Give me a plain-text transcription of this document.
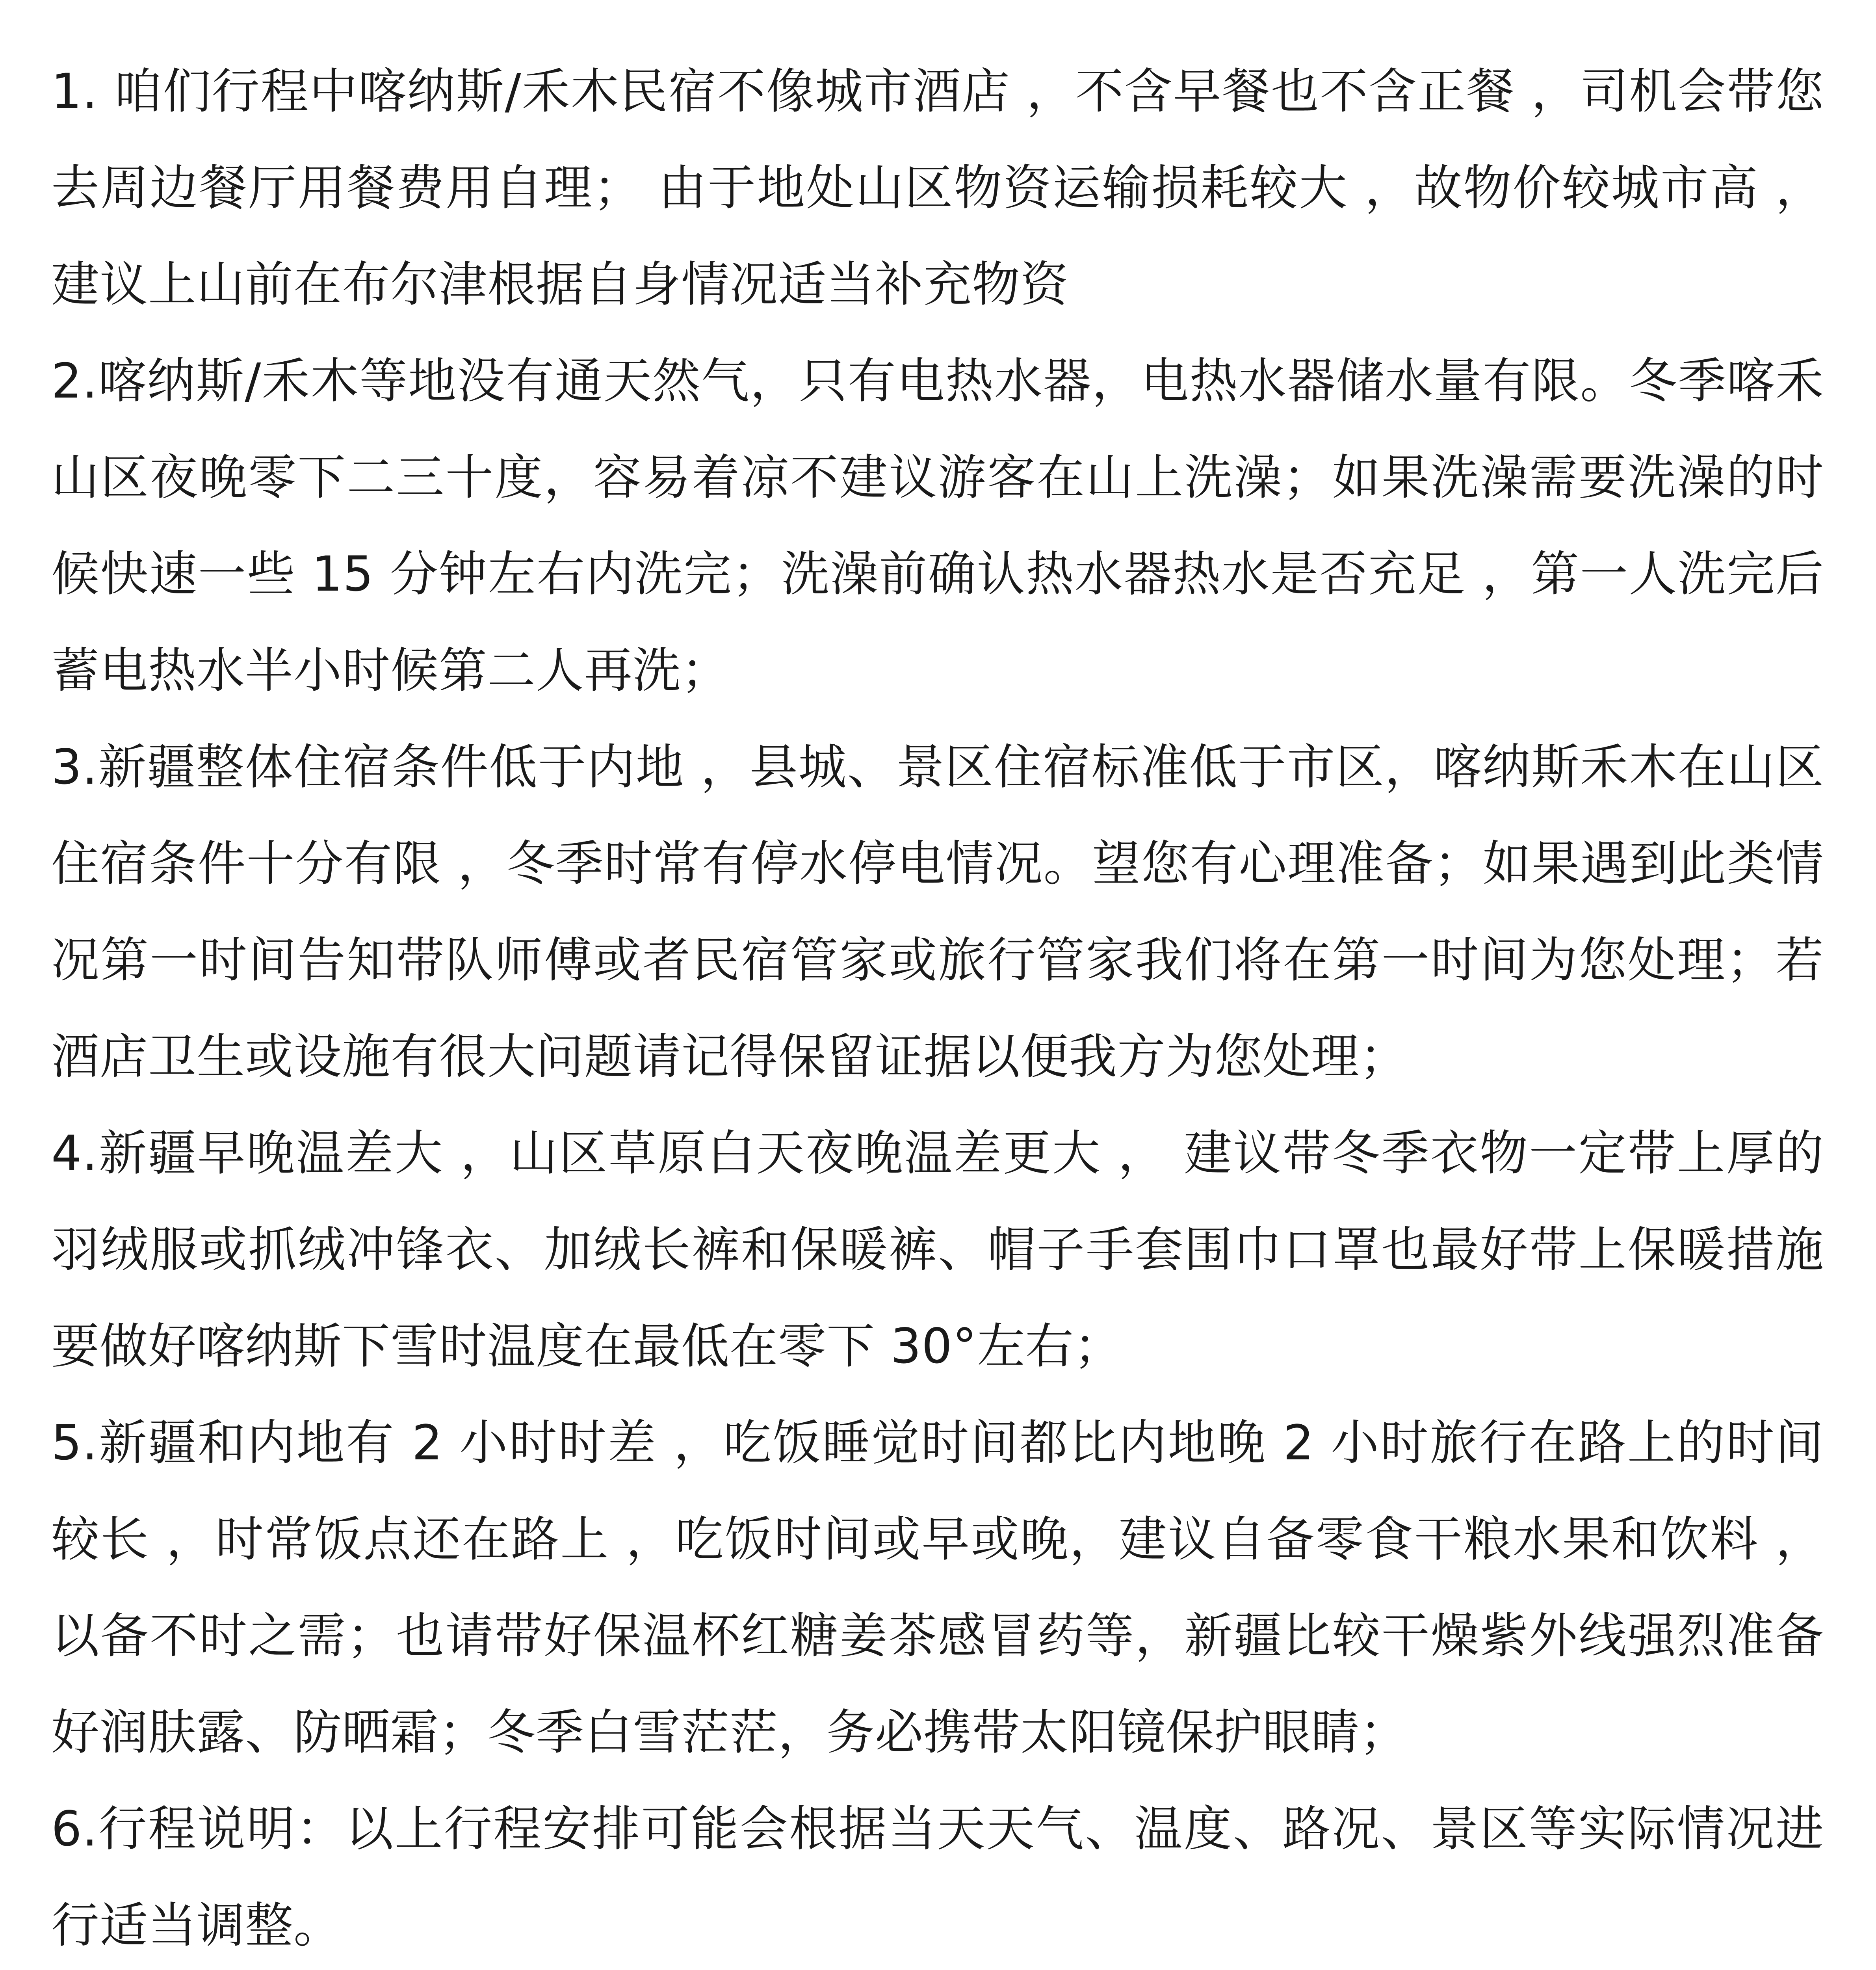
1. 咱们行程中喀纳斯/禾木民宿不像城市酒店 ，不含早餐也不含正餐 ，司机会带您去周边餐厅用餐费用自理； 由于地处山区物资运输损耗较大 ，故物价较城市高 ，建议上山前在布尔津根据自身情况适当补充物资

2.喀纳斯/禾木等地没有通天然气，只有电热水器，电热水器储水量有限。冬季喀禾山区夜晚零下二三十度，容易着凉不建议游客在山上洗澡；如果洗澡需要洗澡的时候快速一些 15 分钟左右内洗完；洗澡前确认热水器热水是否充足 ，第一人洗完后蓄电热水半小时候第二人再洗；

3.新疆整体住宿条件低于内地 ，县城、景区住宿标准低于市区，喀纳斯禾木在山区住宿条件十分有限 ，冬季时常有停水停电情况。望您有心理准备；如果遇到此类情况第一时间告知带队师傅或者民宿管家或旅行管家我们将在第一时间为您处理；若酒店卫生或设施有很大问题请记得保留证据以便我方为您处理；

4.新疆早晚温差大 ，山区草原白天夜晚温差更大 ， 建议带冬季衣物一定带上厚的羽绒服或抓绒冲锋衣、加绒长裤和保暖裤、帽子手套围巾口罩也最好带上保暖措施要做好喀纳斯下雪时温度在最低在零下 30°左右；

5.新疆和内地有 2 小时时差 ，吃饭睡觉时间都比内地晚 2 小时旅行在路上的时间较长 ，时常饭点还在路上 ，吃饭时间或早或晚，建议自备零食干粮水果和饮料 ，以备不时之需；也请带好保温杯红糖姜茶感冒药等，新疆比较干燥紫外线强烈准备好润肤露、防晒霜；冬季白雪茫茫，务必携带太阳镜保护眼睛；

6.行程说明：以上行程安排可能会根据当天天气、温度、路况、景区等实际情况进行适当调整。
